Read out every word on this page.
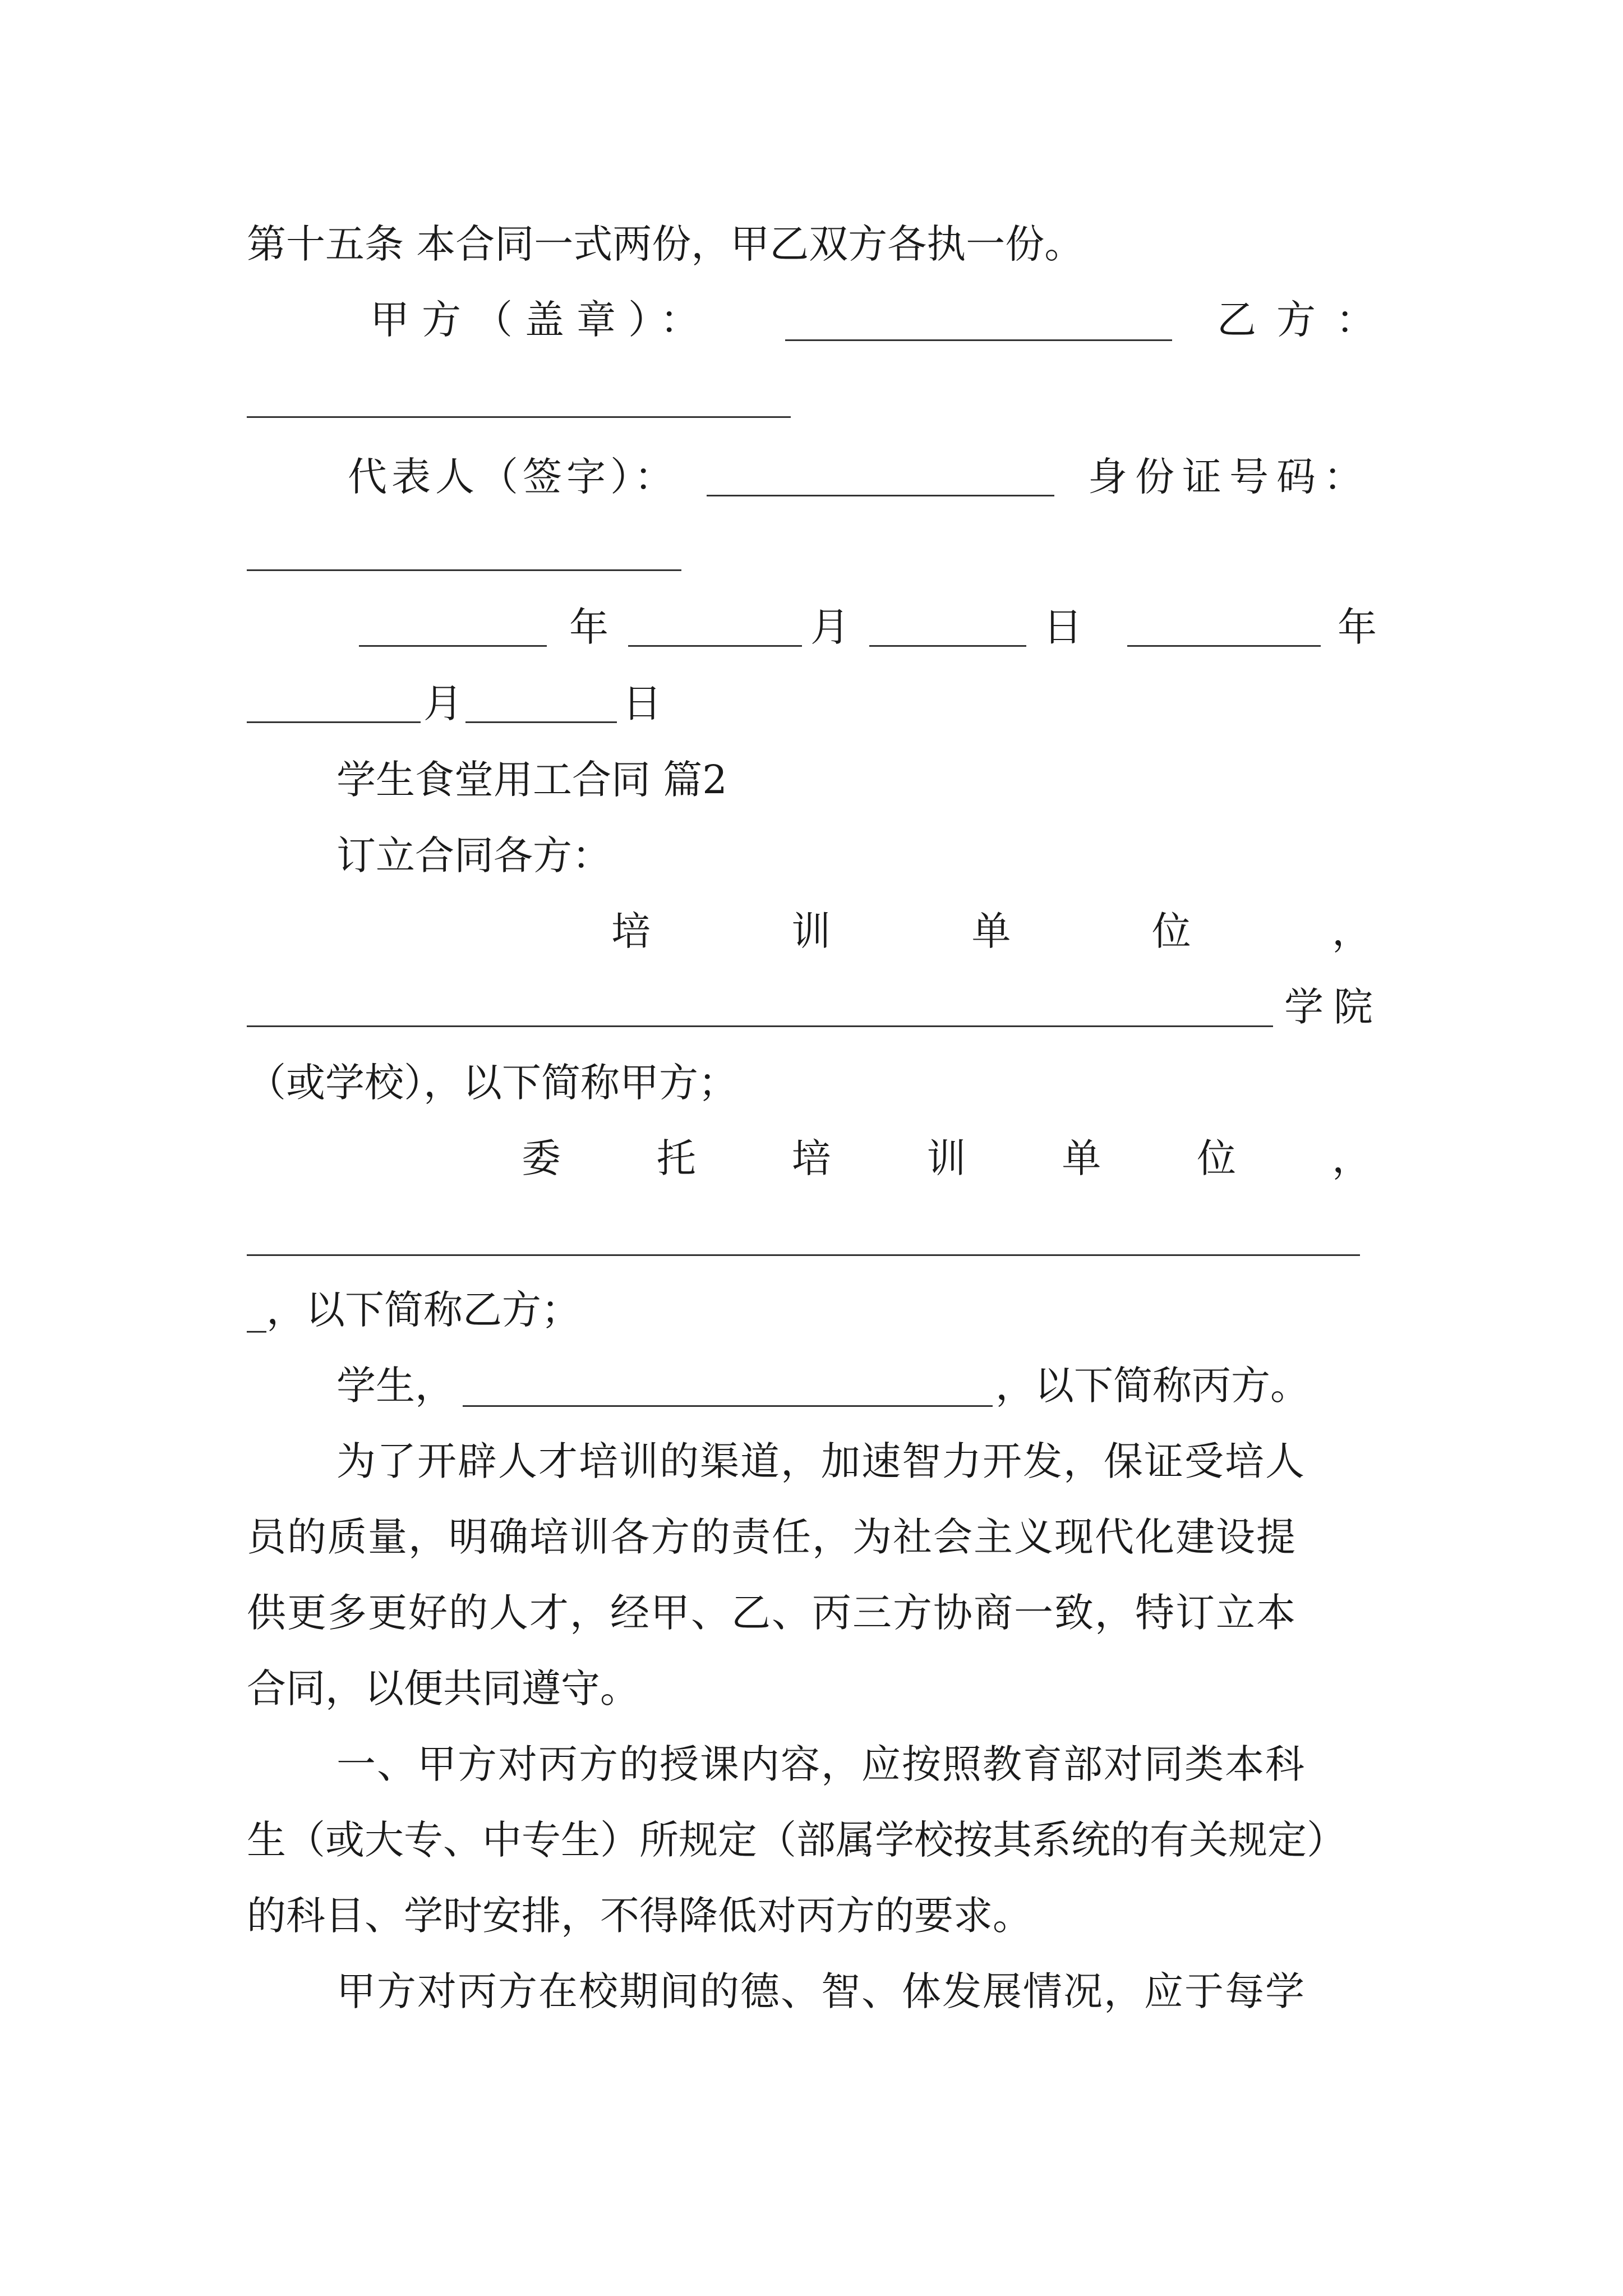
第十五条 本合同一式两份，甲乙双方各执一份。
甲方（盖章）：	乙方：
代表人（签字）：	身份证号码：
年	月	日	年
月	日
学生食堂用工合同 篇2
订立合同各方：
培	训	单	位	，
学院
（或学校），以下简称甲方；
委 托 培 训 单 位 ，
_，以下简称乙方；
学生，	，以下简称丙方。
为了开辟人才培训的渠道，加速智力开发，保证受培人
员的质量，明确培训各方的责任，为社会主义现代化建设提
供更多更好的人才，经甲、乙、丙三方协商一致，特订立本
合同，以便共同遵守。
一、甲方对丙方的授课内容，应按照教育部对同类本科
生（或大专、中专生）所规定（部属学校按其系统的有关规定）
的科目、学时安排，不得降低对丙方的要求。
甲方对丙方在校期间的德、智、体发展情况，应于每学
